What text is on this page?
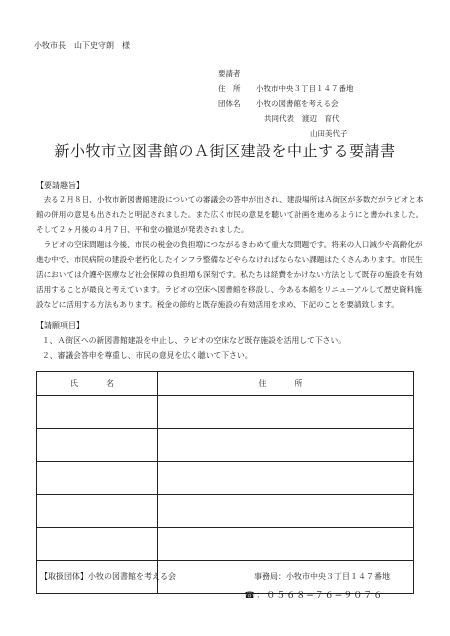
小牧市長　山下史守朗　様
要請者
住　所	小牧市中央３丁目１４７番地
団体名	小牧の図書館を考える会
共同代表 渡辺　育代
山田美代子
新小牧市立図書館のＡ街区建設を中止する要請書
【要請趣旨】

去る２月８日、小牧市新図書館建設についての審議会の答申が出され、建設場所はＡ街区が多数だがラピオと本館の併用の意見も出されたと明記されました。また広く市民の意見を聴いて計画を進めるようにと書かれました。そして２ヶ月後の４月７日、平和堂の撤退が発表されました。

ラピオの空床問題は今後、市民の税金の負担増につながるきわめて重大な問題です。将来の人口減少や高齢化が進む中で、市民病院の建設や老朽化したインフラ整備などやらなければならない課題はたくさんあります。市民生活においては介護や医療など社会保障の負担増も深刻です。私たちは経費をかけない方法として既存の施設を有効活用することが最良と考えています。ラピオの空床へ図書館を移設し、今ある本館をリニューアルして歴史資料施設などに活用する方法もあります。税金の節約と既存施設の有効活用を求め、下記のことを要請致します。

【請願項目】
１、Ａ街区への新図書館建設を中止し、ラピオの空床など既存施設を活用して下さい。
２、審議会答申を尊重し、市民の意見を広く聴いて下さい。
氏　名	住　所

【取扱団体】小牧の図書館を考える会	事務局：小牧市中央３丁目１４７番地
☎：０５６８−７６−９０７６
